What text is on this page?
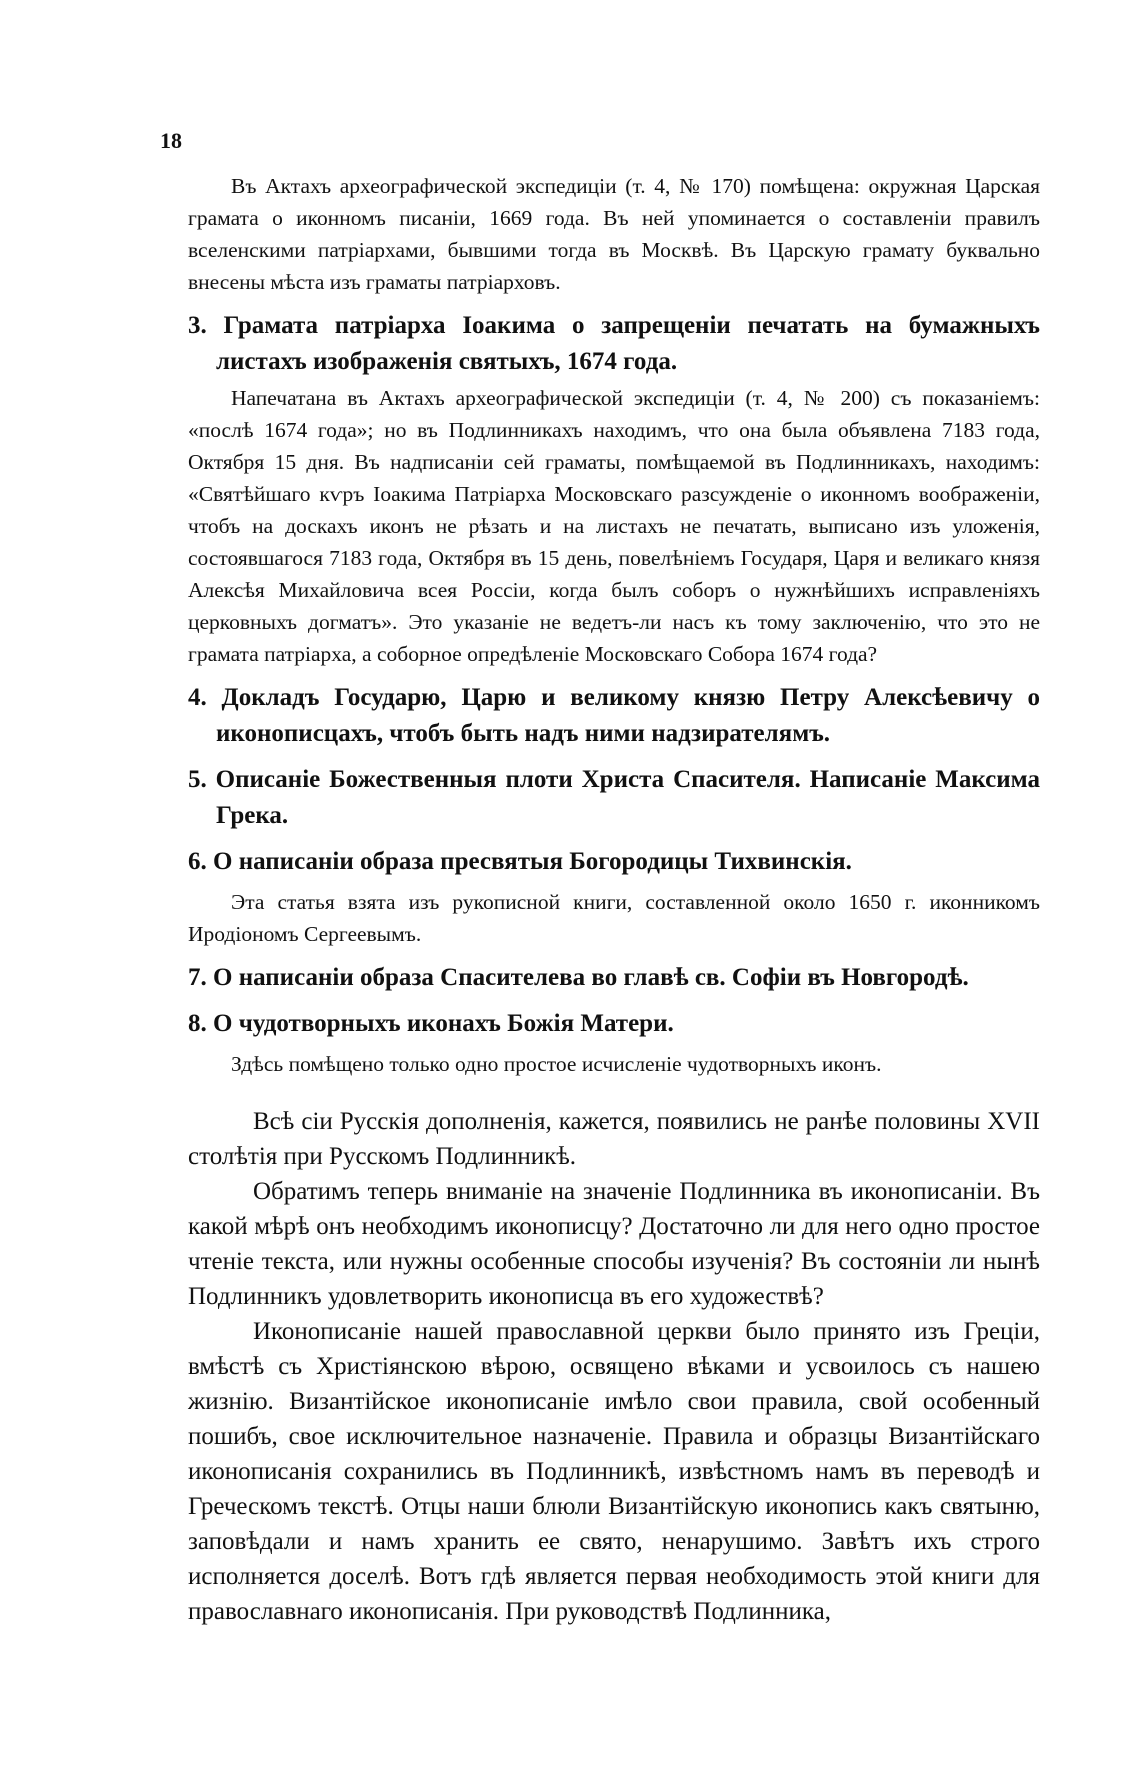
18

Въ Актахъ археографической экспедицiи (т. 4, № 170) помѣщена: окружная Царская грамата о иконномъ писанiи, 1669 года. Въ ней упоминается о составленiи правилъ вселенскими патрiархами, бывшими тогда въ Москвѣ. Въ Царскую грамату буквально внесены мѣста изъ граматы патрiарховъ.

3. Грамата патрiарха Iоакима о запрещенiи печатать на бумажныхъ листахъ изображенiя святыхъ, 1674 года.

Напечатана въ Актахъ археографической экспедицiи (т. 4, № 200) съ показанiемъ: «послѣ 1674 года»; но въ Подлинникахъ находимъ, что она была объявлена 7183 года, Октября 15 дня. Въ надписанiи сей граматы, помѣщаемой въ Подлинникахъ, находимъ: «Святѣйшаго кѵръ Iоакима Патрiарха Московскаго разсужденiе о иконномъ воображенiи, чтобъ на доскахъ иконъ не рѣзать и на листахъ не печатать, выписано изъ уложенiя, состоявшагося 7183 года, Октября въ 15 день, повелѣнiемъ Государя, Царя и великаго князя Алексѣя Михайловича всея Россiи, когда былъ соборъ о нужнѣйшихъ исправленiяхъ церковныхъ догматъ». Это указанiе не ведетъ-ли насъ къ тому заключенiю, что это не грамата патрiарха, а соборное опредѣленiе Московскаго Собора 1674 года?

4. Докладъ Государю, Царю и великому князю Петру Алексѣевичу о иконописцахъ, чтобъ быть надъ ними надзирателямъ.
5. Описанiе Божественныя плоти Христа Спасителя. Написанiе Максима Грека.
6. О написанiи образа пресвятыя Богородицы Тихвинскiя.

Эта статья взята изъ рукописной книги, составленной около 1650 г. иконникомъ Иродiономъ Сергеевымъ.

7. О написанiи образа Спасителева во главѣ св. Софiи въ Новгородѣ.
8. О чудотворныхъ иконахъ Божiя Матери.

Здѣсь помѣщено только одно простое исчисленiе чудотворныхъ иконъ.

Всѣ сiи Русскiя дополненiя, кажется, появились не ранѣе половины XVII столѣтiя при Русскомъ Подлинникѣ.

Обратимъ теперь вниманiе на значенiе Подлинника въ иконописанiи. Въ какой мѣрѣ онъ необходимъ иконописцу? Достаточно ли для него одно простое чтенiе текста, или нужны особенные способы изученiя? Въ состоянiи ли нынѣ Подлинникъ удовлетворить иконописца въ его художествѣ?

Иконописанiе нашей православной церкви было принято изъ Грецiи, вмѣстѣ съ Христiянскою вѣрою, освящено вѣками и усвоилось съ нашею жизнiю. Византiйское иконописанiе имѣло свои правила, свой особенный пошибъ, свое исключительное назначенiе. Правила и образцы Византiйскаго иконописанiя сохранились въ Подлинникѣ, извѣстномъ намъ въ переводѣ и Греческомъ текстѣ. Отцы наши блюли Византiйскую иконопись какъ святыню, заповѣдали и намъ хранить ее свято, ненарушимо. Завѣтъ ихъ строго исполняется доселѣ. Вотъ гдѣ является первая необходимость этой книги для православнаго иконописанiя. При руководствѣ Подлинника,
